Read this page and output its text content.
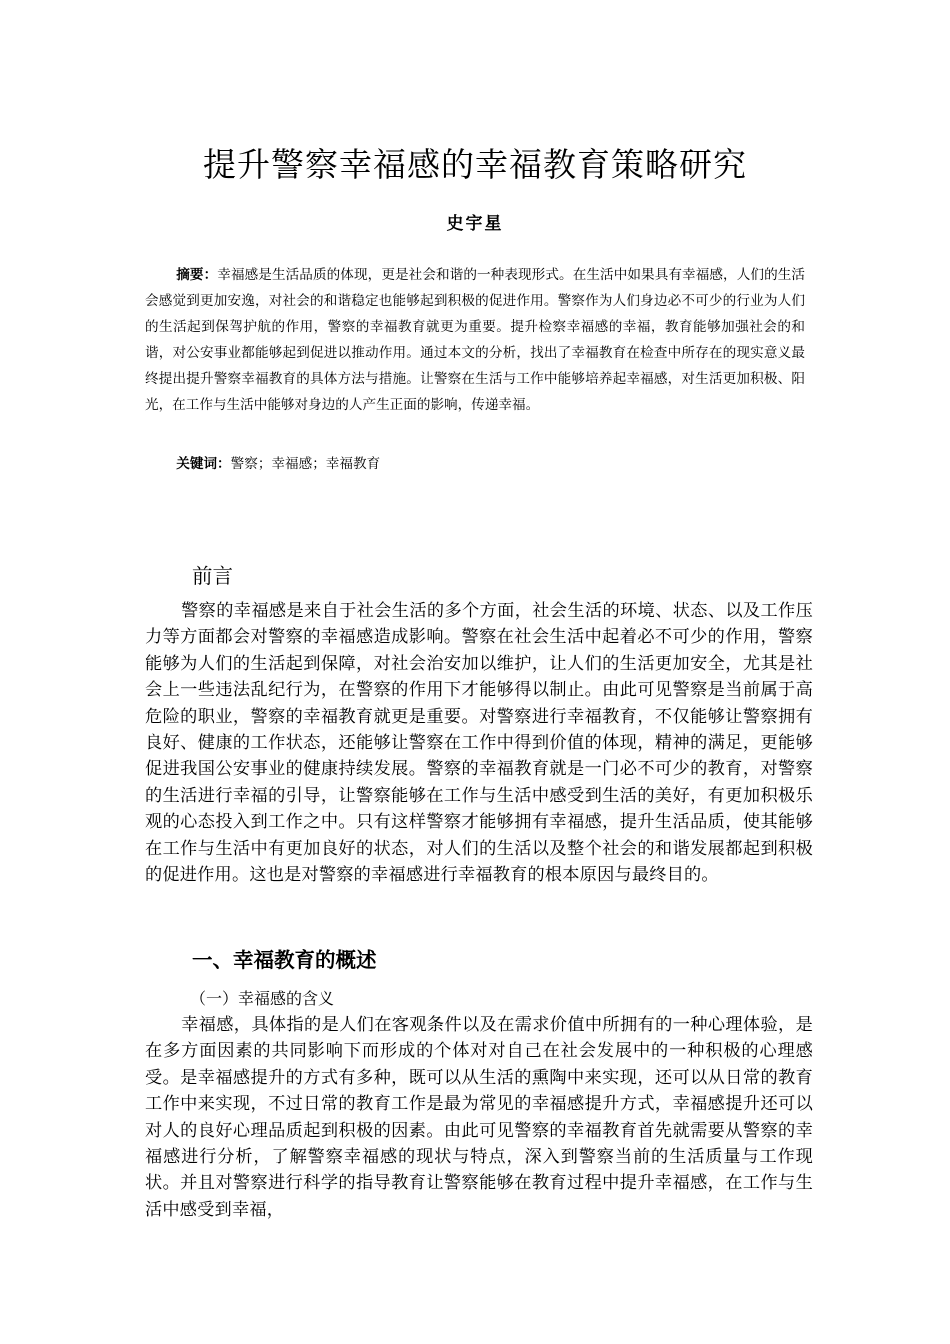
提升警察幸福感的幸福教育策略研究
史宇星
摘要：幸福感是生活品质的体现，更是社会和谐的一种表现形式。在生活中如果具有幸福感，人们的生活会感觉到更加安逸，对社会的和谐稳定也能够起到积极的促进作用。警察作为人们身边必不可少的行业为人们的生活起到保驾护航的作用，警察的幸福教育就更为重要。提升检察幸福感的幸福，教育能够加强社会的和谐，对公安事业都能够起到促进以推动作用。通过本文的分析，找出了幸福教育在检查中所存在的现实意义最终提出提升警察幸福教育的具体方法与措施。让警察在生活与工作中能够培养起幸福感，对生活更加积极、阳光，在工作与生活中能够对身边的人产生正面的影响，传递幸福。
关键词：警察；幸福感；幸福教育
前言
警察的幸福感是来自于社会生活的多个方面，社会生活的环境、状态、以及工作压力等方面都会对警察的幸福感造成影响。警察在社会生活中起着必不可少的作用，警察能够为人们的生活起到保障，对社会治安加以维护，让人们的生活更加安全，尤其是社会上一些违法乱纪行为，在警察的作用下才能够得以制止。由此可见警察是当前属于高危险的职业，警察的幸福教育就更是重要。对警察进行幸福教育，不仅能够让警察拥有良好、健康的工作状态，还能够让警察在工作中得到价值的体现，精神的满足，更能够促进我国公安事业的健康持续发展。警察的幸福教育就是一门必不可少的教育，对警察的生活进行幸福的引导，让警察能够在工作与生活中感受到生活的美好，有更加积极乐观的心态投入到工作之中。只有这样警察才能够拥有幸福感，提升生活品质，使其能够在工作与生活中有更加良好的状态，对人们的生活以及整个社会的和谐发展都起到积极的促进作用。这也是对警察的幸福感进行幸福教育的根本原因与最终目的。
一、幸福教育的概述
（一）幸福感的含义
幸福感，具体指的是人们在客观条件以及在需求价值中所拥有的一种心理体验，是在多方面因素的共同影响下而形成的个体对对自己在社会发展中的一种积极的心理感受。是幸福感提升的方式有多种，既可以从生活的熏陶中来实现，还可以从日常的教育工作中来实现，不过日常的教育工作是最为常见的幸福感提升方式，幸福感提升还可以对人的良好心理品质起到积极的因素。由此可见警察的幸福教育首先就需要从警察的幸福感进行分析，了解警察幸福感的现状与特点，深入到警察当前的生活质量与工作现状。并且对警察进行科学的指导教育让警察能够在教育过程中提升幸福感，在工作与生活中感受到幸福，
